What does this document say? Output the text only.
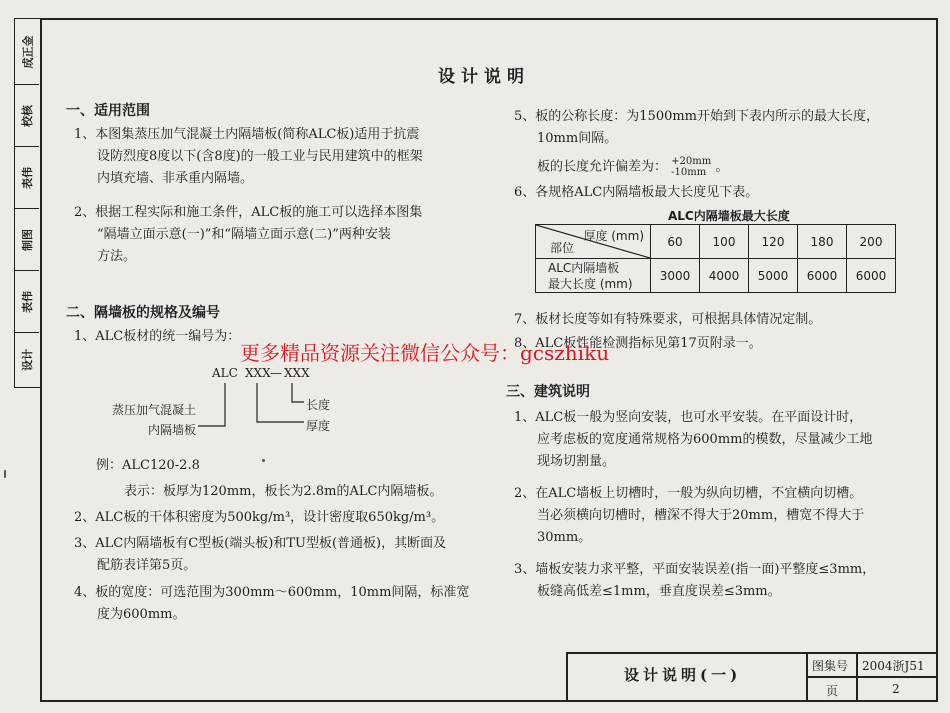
成正金
校核
表伟
制图
表伟
设计
设计说明
一、适用范围
1、本图集蒸压加气混凝土内隔墙板(简称ALC板)适用于抗震
设防烈度8度以下(含8度)的一般工业与民用建筑中的框架
内填充墙、非承重内隔墙。
2、根据工程实际和施工条件，ALC板的施工可以选择本图集
“隔墙立面示意(一)”和“隔墙立面示意(二)”两种安装
方法。
二、隔墙板的规格及编号
1、ALC板材的统一编号为：
ALC XXX — XXX
蒸压加气混凝土
内隔墙板
长度
厚度
例：ALC120-2.8
表示：板厚为120mm，板长为2.8m的ALC内隔墙板。
2、ALC板的干体积密度为500kg/m³，设计密度取650kg/m³。
3、ALC内隔墙板有C型板(端头板)和TU型板(普通板)，其断面及
配筋表详第5页。
4、板的宽度：可选范围为300mm～600mm，10mm间隔，标准宽
度为600mm。
5、板的公称长度：为1500mm开始到下表内所示的最大长度，
10mm间隔。
板的长度允许偏差为： +20mm
-10mm 。
6、各规格ALC内隔墙板最大长度见下表。
ALC内隔墙板最大长度
厚度 (mm)
部位	60	100	120	180	200

ALC内隔墙板
最大长度 (mm)	3000	4000	5000	6000	6000
7、板材长度等如有特殊要求，可根据具体情况定制。
8、ALC板性能检测指标见第17页附录一。
三、建筑说明
1、ALC板一般为竖向安装，也可水平安装。在平面设计时，
应考虑板的宽度通常规格为600mm的模数，尽量减少工地
现场切割量。
2、在ALC墙板上切槽时，一般为纵向切槽，不宜横向切槽。
当必须横向切槽时，槽深不得大于20mm，槽宽不得大于
30mm。
3、墙板安装力求平整，平面安装误差(指一面)平整度≤3mm，
板缝高低差≤1mm，垂直度误差≤3mm。
更多精品资源关注微信公众号：gcszhiku
设计说明(一)	图集号 2004浙J51
页	2
